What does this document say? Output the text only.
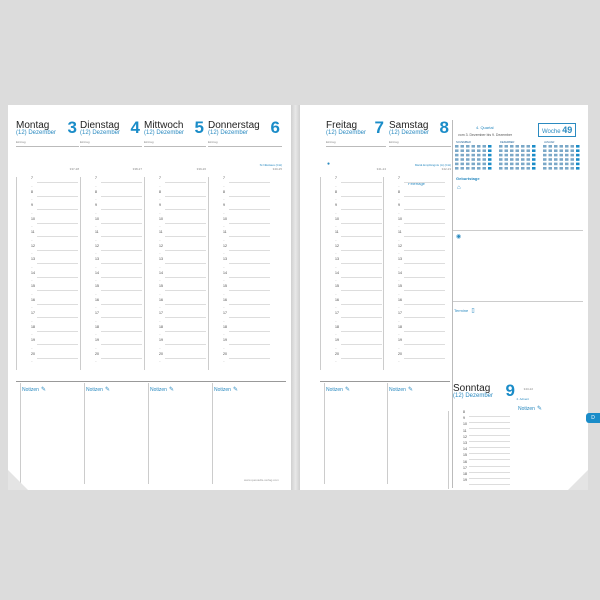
Montag
(12) Dezember 3
Eintrag
337-28
Dienstag
(12) Dezember 4
Eintrag
338-27
Mittwoch
(12) Dezember 5
Eintrag
339-26
Donnerstag
(12) Dezember 6
Eintrag
St Nikolaus (CH)
340-25
7
–
8
–
9
–
10
–
11
–
12
–
13
–
14
–
15
–
16
–
17
–
18
–
19
–
20
–
7
–
8
–
9
–
10
–
11
–
12
–
13
–
14
–
15
–
16
–
17
–
18
–
19
–
20
–
7
–
8
–
9
–
10
–
11
–
12
–
13
–
14
–
15
–
16
–
17
–
18
–
19
–
20
–
7
–
8
–
9
–
10
–
11
–
12
–
13
–
14
–
15
–
16
–
17
–
18
–
19
–
20
–
www.quovadis-verlag.com
Notizen ✎	Notizen ✎	Notizen ✎	Notizen ✎
Freitag
(12) Dezember 7
Eintrag
341-24
Samstag
(12) Dezember 8
Eintrag
Mariä Empfängnis (A) (CH)
342-23
4. Quartal
vom 3. Dezember bis 9. Dezember	Woche 49
NOVEMBER	DEZEMBER	JANUAR
Geburtstage
⌂
◉
Termine ▯
Feiertage
●
7
–
8
–
9
–
10
–
11
–
12
–
13
–
14
–
15
–
16
–
17
–
18
–
19
–
20
–
7
–
8
–
9
–
10
–
11
–
12
–
13
–
14
–
15
–
16
–
17
–
18
–
19
–
20
–
Sonntag
(12) Dezember 9	343-22
2. Advent
8
9
10
11
12
13
14
15
16
17
18
19
Notizen ✎
Notizen ✎	Notizen ✎
D
